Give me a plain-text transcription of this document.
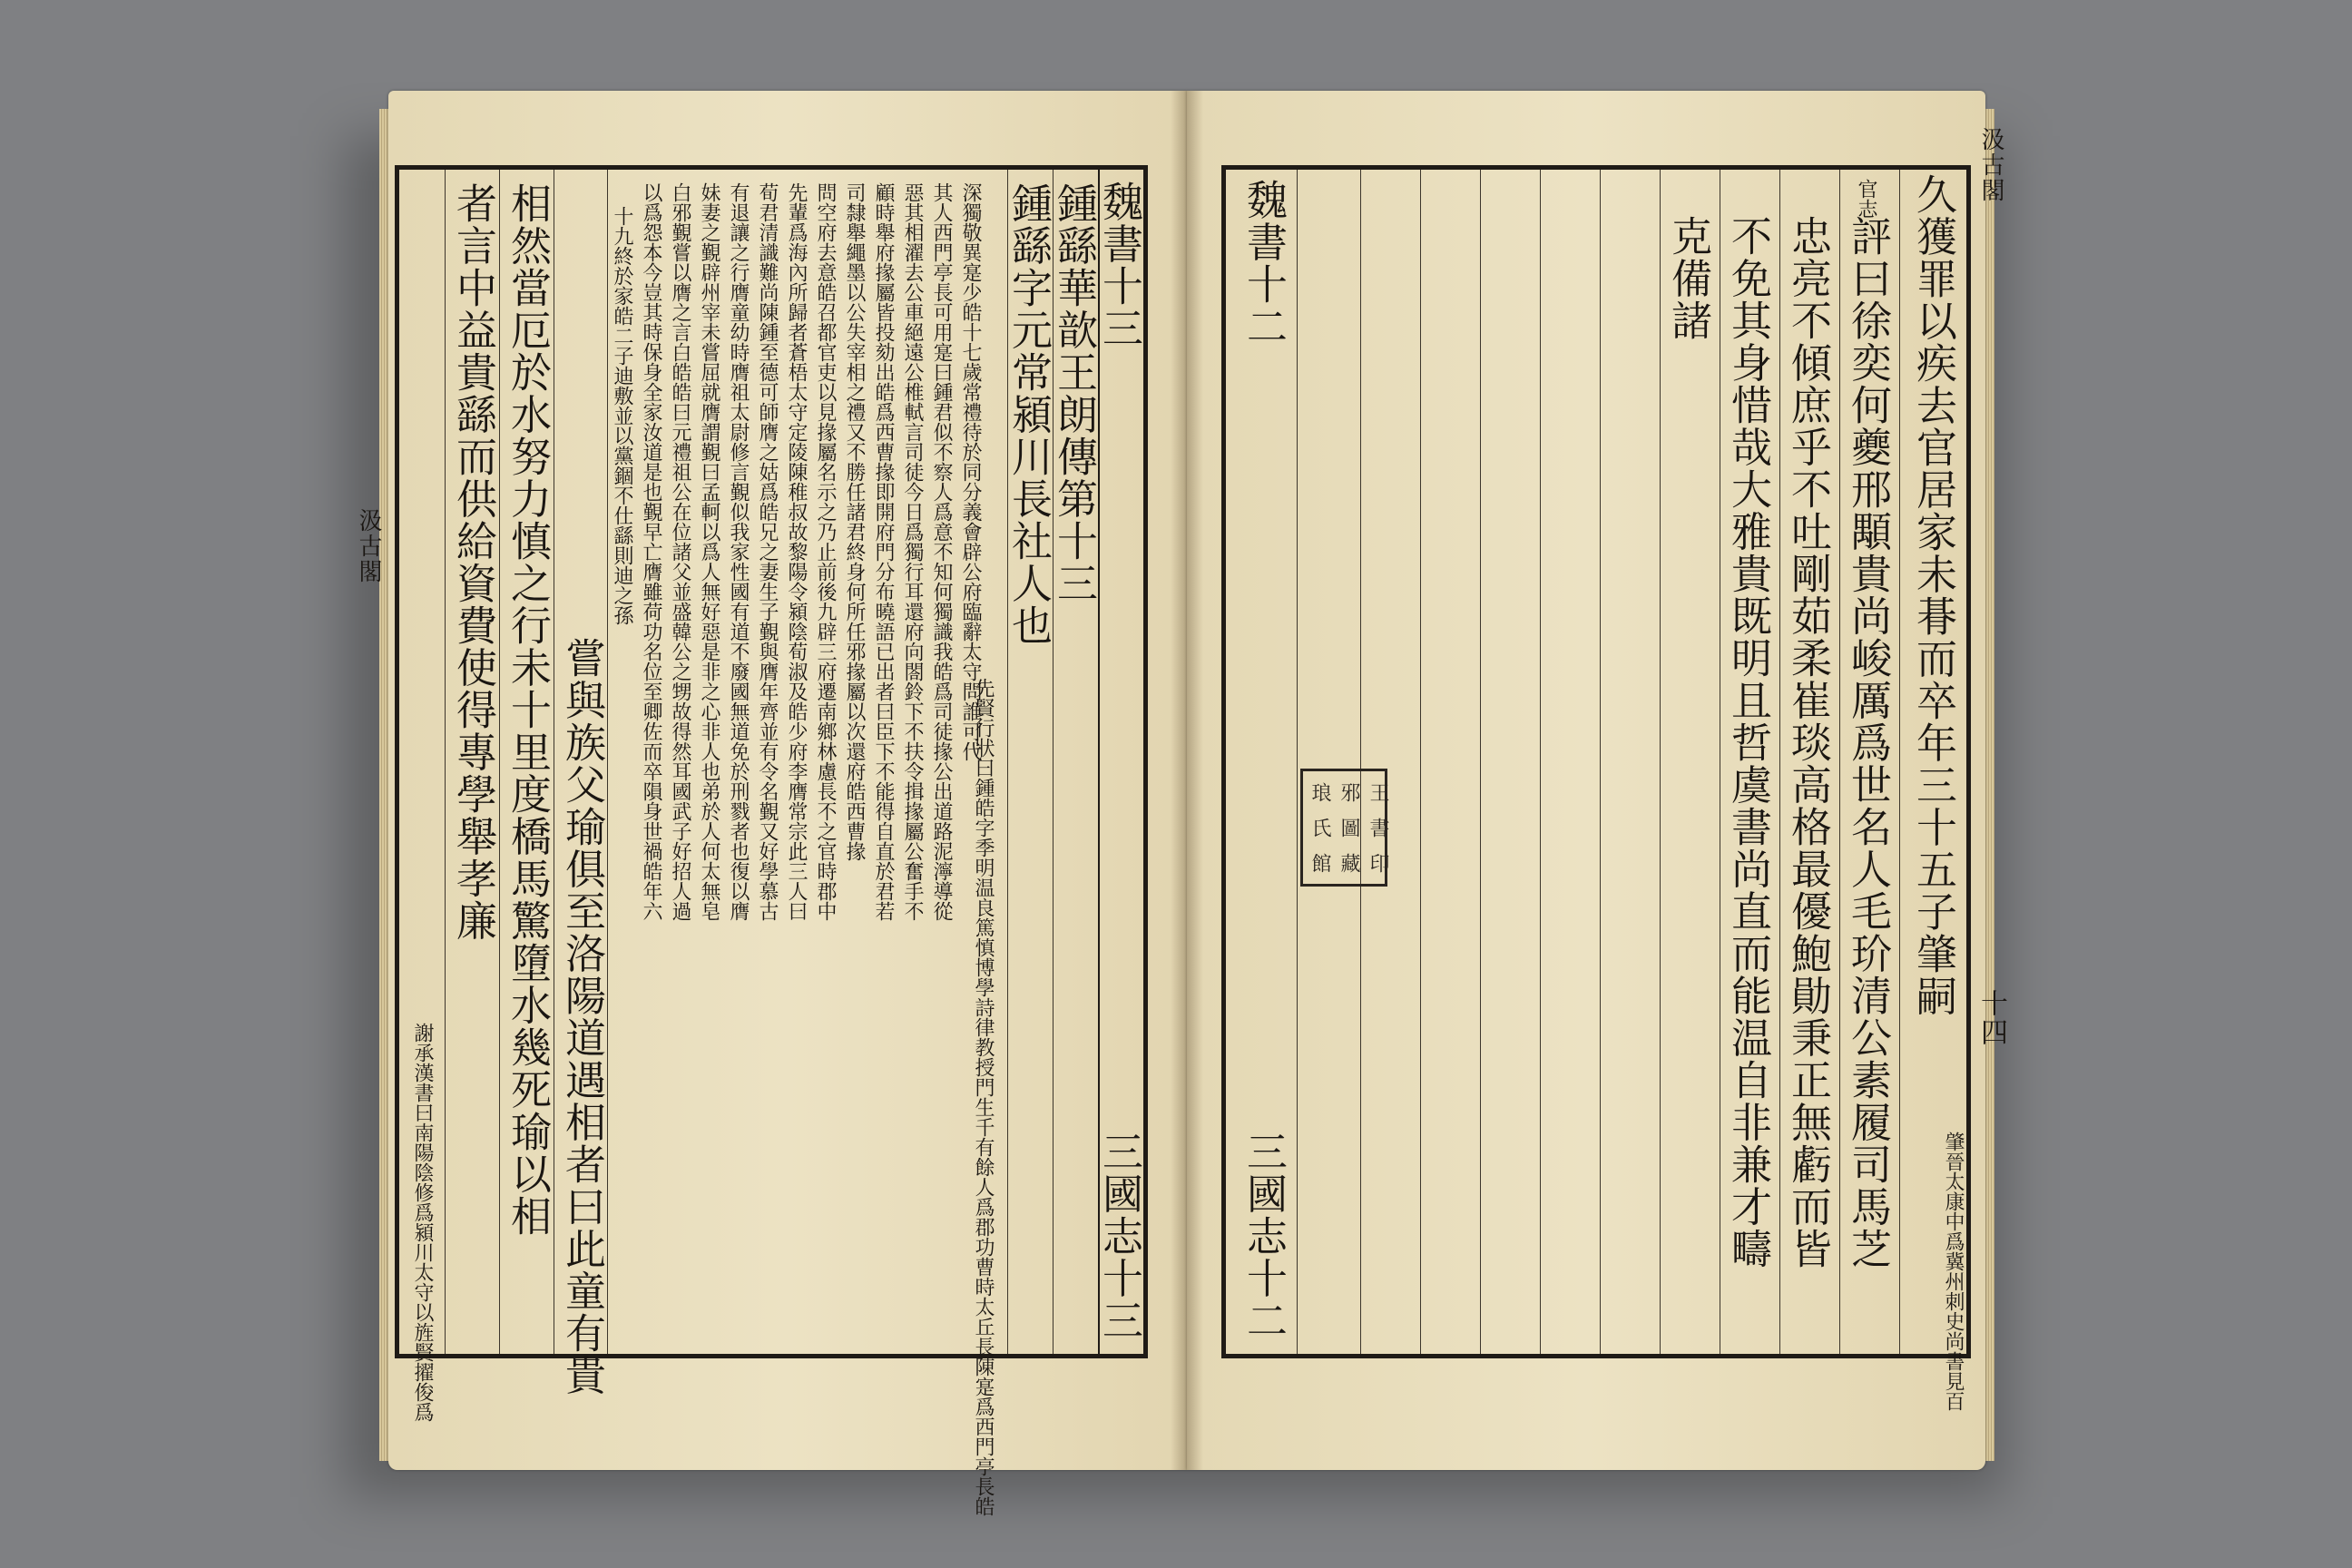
魏書十三
三國志十三
鍾繇華歆王朗傳第十三
鍾繇字元常潁川長社人也
先賢行狀曰鍾皓字季明温良篤慎博學詩律教授門生千有餘人爲郡功曹時太丘長陳寔爲西門亭長皓
深獨敬異寔少皓十七歲常禮待於同分義會辟公府臨辭太守問誰可代
其人西門亭長可用寔曰鍾君似不察人爲意不知何獨識我皓爲司徒掾公出道路泥濘導從
惡其相濯去公車絕遠公椎軾言司徒今日爲獨行耳還府向閤鈴下不扶令揖掾屬公奮手不
顧時舉府掾屬皆投劾出皓爲西曹掾即開府門分布曉語已出者曰臣下不能得自直於君若
司隸舉繩墨以公失宰相之禮又不勝任諸君終身何所任邪掾屬以次還府皓西曹掾
問空府去意皓召都官吏以見掾屬名示之乃止前後九辟三府遷南鄉林慮長不之官時郡中
先輩爲海內所歸者蒼梧太守定陵陳稚叔故黎陽令潁陰荀淑及皓少府李膺常宗此三人曰
荀君清識難尚陳鍾至德可師膺之姑爲皓兄之妻生子覲與膺年齊並有令名覲又好學慕古
有退讓之行膺童幼時膺祖太尉修言覲似我家性國有道不廢國無道免於刑戮者也復以膺
妹妻之覲辟州宰未嘗屈就膺謂覲曰孟軻以爲人無好惡是非之心非人也弟於人何太無皂
白邪覲嘗以膺之言白皓皓曰元禮祖公在位諸父並盛韓公之甥故得然耳國武子好招人過
以爲怨本今豈其時保身全家汝道是也覲早亡膺雖荷功名位至卿佐而卒隕身世禍皓年六
十九終於家皓二子迪敷並以黨錮不仕繇則迪之孫
嘗與族父瑜俱至洛陽道遇相者曰此童有貴
相然當厄於水努力慎之行未十里度橋馬驚墮水幾死瑜以相
者言中益貴繇而供給資費使得專學舉孝廉
謝承漢書曰南陽陰修爲潁川太守以旌賢擢俊爲
汲古閣	久獲罪以疾去官居家未朞而卒年三十五子肇嗣
肇晉太康中爲冀州刺史尚書見百
官志
評曰徐奕何夔邢顒貴尚峻厲爲世名人毛玠清公素履司馬芝
忠亮不傾庶乎不吐剛茹柔崔琰高格最優鮑勛秉正無虧而皆
不免其身惜哉大雅貴既明且哲虞書尚直而能温自非兼才疇
克備諸
琅 邪 王
氏 圖 書
館 藏 印
魏書十二
三國志十二
汲古閣
十四
